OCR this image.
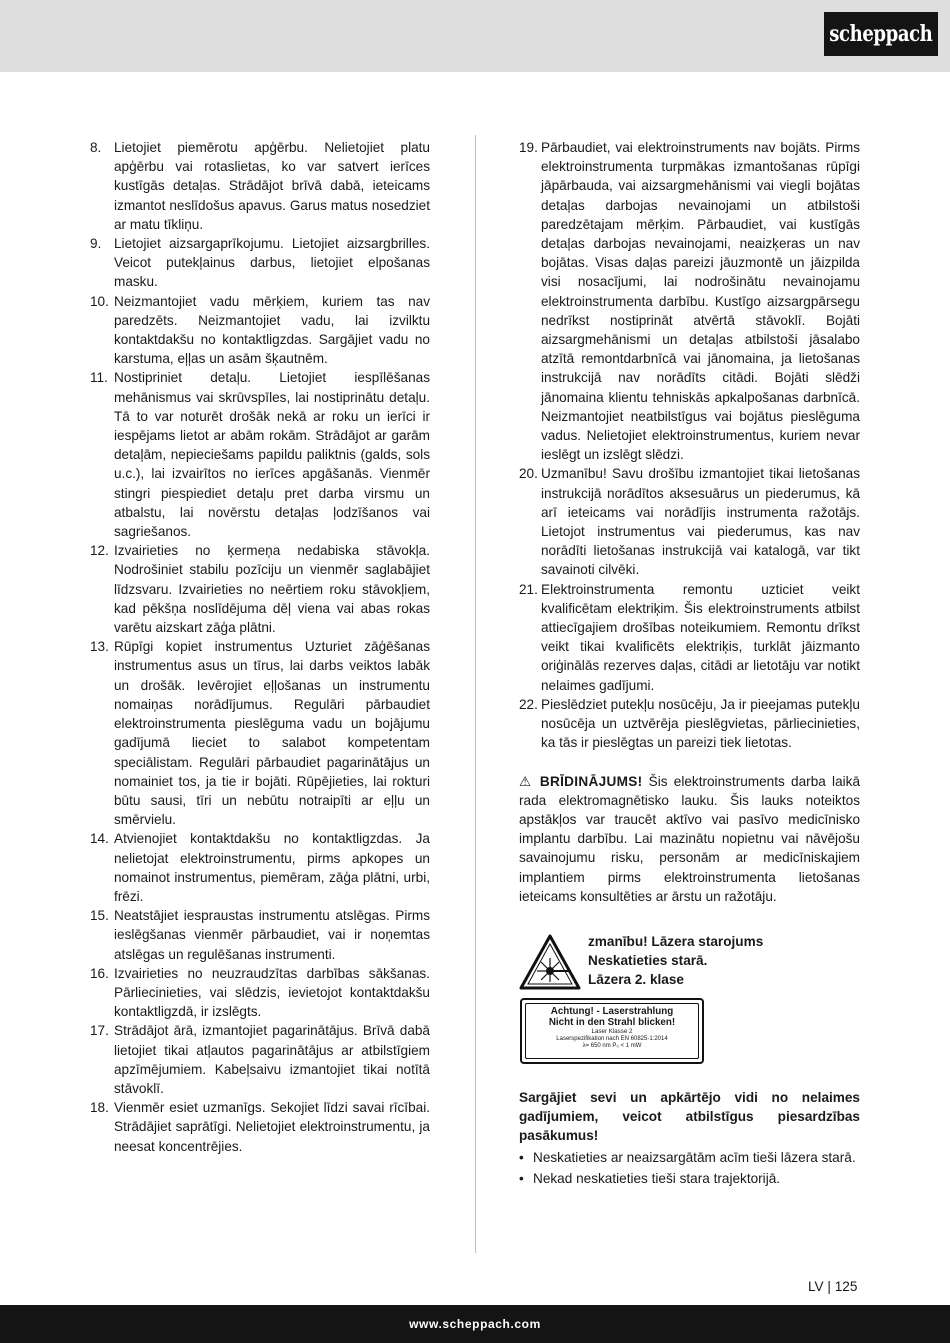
scheppach
8. Lietojiet piemērotu apģērbu. Nelietojiet platu apģērbu vai rotaslietas, ko var satvert ierīces kustīgās detaļas. Strādājot brīvā dabā, ieteicams izmantot neslīdošus apavus. Garus matus nosedziet ar matu tīkliņu.
9. Lietojiet aizsargaprīkojumu. Lietojiet aizsargbrilles. Veicot putekļainus darbus, lietojiet elpošanas masku.
10. Neizmantojiet vadu mērķiem, kuriem tas nav paredzēts. Neizmantojiet vadu, lai izvilktu kontaktdakšu no kontaktligzdas. Sargājiet vadu no karstuma, eļļas un asām šķautnēm.
11. Nostipriniet detaļu. Lietojiet iespīlēšanas mehānismus vai skrūvspīles, lai nostiprinātu detaļu. Tā to var noturēt drošāk nekā ar roku un ierīci ir iespējams lietot ar abām rokām. Strādājot ar garām detaļām, nepieciešams papildu paliktnis (galds, sols u.c.), lai izvairītos no ierīces apgāšanās. Vienmēr stingri piespiediet detaļu pret darba virsmu un atbalstu, lai novērstu detaļas ļodzīšanos vai sagriešanos.
12. Izvairieties no ķermeņa nedabiska stāvokļa. Nodrošiniet stabilu pozīciju un vienmēr saglabājiet līdzsvaru. Izvairieties no neērtiem roku stāvokļiem, kad pēkšņa noslīdējuma dēļ viena vai abas rokas varētu aizskart zāģa plātni.
13. Rūpīgi kopiet instrumentus Uzturiet zāģēšanas instrumentus asus un tīrus, lai darbs veiktos labāk un drošāk. Ievērojiet eļļošanas un instrumentu nomaiņas norādījumus. Regulāri pārbaudiet elektroinstrumenta pieslēguma vadu un bojājumu gadījumā lieciet to salabot kompetentam speciālistam. Regulāri pārbaudiet pagarinātājus un nomainiet tos, ja tie ir bojāti. Rūpējieties, lai rokturi būtu sausi, tīri un nebūtu notraipīti ar eļļu un smērvielu.
14. Atvienojiet kontaktdakšu no kontaktligzdas. Ja nelietojat elektroinstrumentu, pirms apkopes un nomainot instrumentus, piemēram, zāģa plātni, urbi, frēzi.
15. Neatstājiet iespraustas instrumentu atslēgas. Pirms ieslēgšanas vienmēr pārbaudiet, vai ir noņemtas atslēgas un regulēšanas instrumenti.
16. Izvairieties no neuzraudzītas darbības sākšanas. Pārliecinieties, vai slēdzis, ievietojot kontaktdakšu kontaktligzdā, ir izslēgts.
17. Strādājot ārā, izmantojiet pagarinātājus. Brīvā dabā lietojiet tikai atļautos pagarinātājus ar atbilstīgiem apzīmējumiem. Kabeļsaivu izmantojiet tikai notītā stāvoklī.
18. Vienmēr esiet uzmanīgs. Sekojiet līdzi savai rīcībai. Strādājiet saprātīgi. Nelietojiet elektroinstrumentu, ja neesat koncentrējies.
19. Pārbaudiet, vai elektroinstruments nav bojāts. Pirms elektroinstrumenta turpmākas izmantošanas rūpīgi jāpārbauda, vai aizsargmehānismi vai viegli bojātas detaļas darbojas nevainojami un atbilstoši paredzētajam mērķim. Pārbaudiet, vai kustīgās detaļas darbojas nevainojami, neaizķeras un nav bojātas. Visas daļas pareizi jāuzmontē un jāizpilda visi nosacījumi, lai nodrošinātu nevainojamu elektroinstrumenta darbību. Kustīgo aizsargpārsegu nedrīkst nostiprināt atvērtā stāvoklī. Bojāti aizsargmehānismi un detaļas atbilstoši jāsalabo atzītā remontdarbnīcā vai jānomaina, ja lietošanas instrukcijā nav norādīts citādi. Bojāti slēdži jānomaina klientu tehniskās apkalpošanas darbnīcā. Neizmantojiet neatbilstīgus vai bojātus pieslēguma vadus. Nelietojiet elektroinstrumentus, kuriem nevar ieslēgt un izslēgt slēdzi.
20. Uzmanību! Savu drošību izmantojiet tikai lietošanas instrukcijā norādītos aksesuārus un piederumus, kā arī ieteicams vai norādījis instrumenta ražotājs. Lietojot instrumentus vai piederumus, kas nav norādīti lietošanas instrukcijā vai katalogā, var tikt savainoti cilvēki.
21. Elektroinstrumenta remontu uzticiet veikt kvalificētam elektriķim. Šis elektroinstruments atbilst attiecīgajiem drošības noteikumiem. Remontu drīkst veikt tikai kvalificēts elektriķis, turklāt jāizmanto oriģinālās rezerves daļas, citādi ar lietotāju var notikt nelaimes gadījumi.
22. Pieslēdziet putekļu nosūcēju, Ja ir pieejamas putekļu nosūcēja un uztvērēja pieslēgvietas, pārliecinieties, ka tās ir pieslēgtas un pareizi tiek lietotas.

⚠ BRĪDINĀJUMS! Šis elektroinstruments darba laikā rada elektromagnētisko lauku. Šis lauks noteiktos apstākļos var traucēt aktīvo vai pasīvo medicīnisko implantu darbību. Lai mazinātu nopietnu vai nāvējošu savainojumu risku, personām ar medicīniskajiem implantiem pirms elektroinstrumenta lietošanas ieteicams konsultēties ar ārstu un ražotāju.

zmanību! Lāzera starojums
Neskatieties starā.
Lāzera 2. klase
Achtung! - Laserstrahlung
Nicht in den Strahl blicken!
Laser Klasse 2
Laserspezifikation nach EN 60825-1:2014
λ= 650 nm P₀ < 1 mW

Sargājiet sevi un apkārtējo vidi no nelaimes gadījumiem, veicot atbilstīgus piesardzības pasākumus!

• Neskatieties ar neaizsargātām acīm tieši lāzera starā.
• Nekad neskatieties tieši stara trajektorijā.
LV | 125
www.scheppach.com
